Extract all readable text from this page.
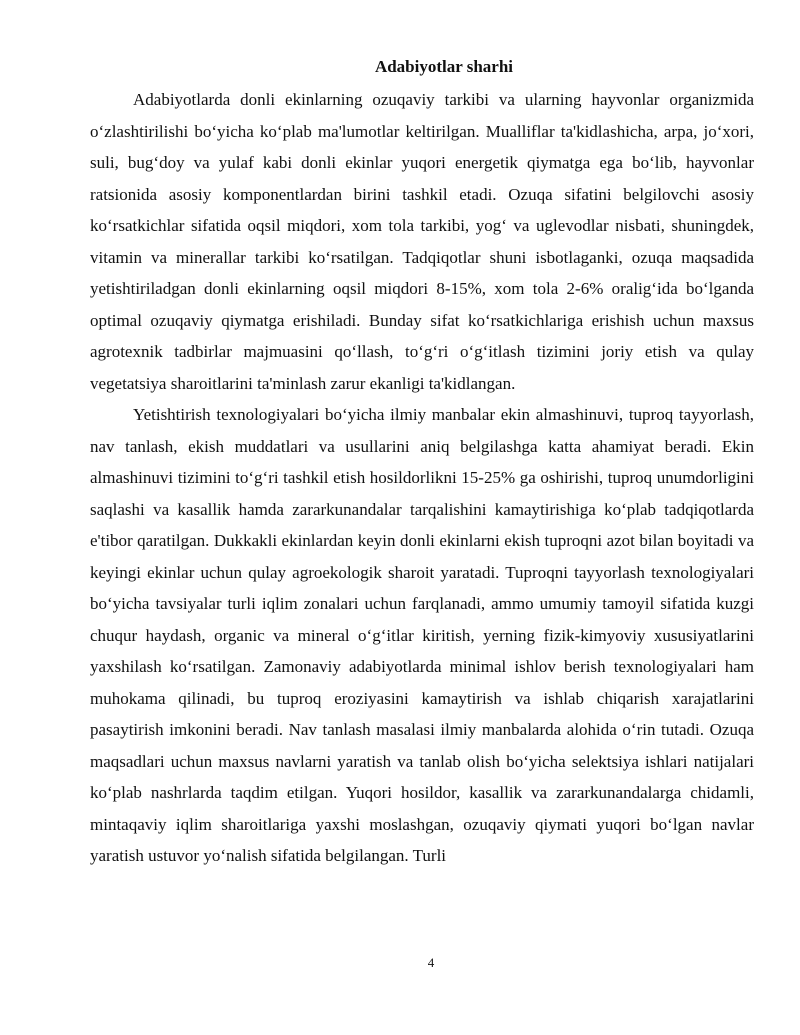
Adabiyotlar sharhi

Adabiyotlarda donli ekinlarning ozuqaviy tarkibi va ularning hayvonlar organizmida oʻzlashtirilishi boʻyicha koʻplab ma'lumotlar keltirilgan. Mualliflar ta'kidlashicha, arpa, joʻxori, suli, bugʻdoy va yulaf kabi donli ekinlar yuqori energetik qiymatga ega boʻlib, hayvonlar ratsionida asosiy komponentlardan birini tashkil etadi. Ozuqa sifatini belgilovchi asosiy koʻrsatkichlar sifatida oqsil miqdori, xom tola tarkibi, yogʻ va uglevodlar nisbati, shuningdek, vitamin va minerallar tarkibi koʻrsatilgan. Tadqiqotlar shuni isbotlaganki, ozuqa maqsadida yetishtiriladgan donli ekinlarning oqsil miqdori 8-15%, xom tola 2-6% oraligʻida boʻlganda optimal ozuqaviy qiymatga erishiladi. Bunday sifat koʻrsatkichlariga erishish uchun maxsus agrotexnik tadbirlar majmuasini qoʻllash, toʻgʻri oʻgʻitlash tizimini joriy etish va qulay vegetatsiya sharoitlarini ta'minlash zarur ekanligi ta'kidlangan.

Yetishtirish texnologiyalari boʻyicha ilmiy manbalar ekin almashinuvi, tuproq tayyorlash, nav tanlash, ekish muddatlari va usullarini aniq belgilashga katta ahamiyat beradi. Ekin almashinuvi tizimini toʻgʻri tashkil etish hosildorlikni 15-25% ga oshirishi, tuproq unumdorligini saqlashi va kasallik hamda zararkunandalar tarqalishini kamaytirishiga koʻplab tadqiqotlarda e'tibor qaratilgan. Dukkakli ekinlardan keyin donli ekinlarni ekish tuproqni azot bilan boyitadi va keyingi ekinlar uchun qulay agroekologik sharoit yaratadi. Tuproqni tayyorlash texnologiyalari boʻyicha tavsiyalar turli iqlim zonalari uchun farqlanadi, ammo umumiy tamoyil sifatida kuzgi chuqur haydash, organic va mineral oʻgʻitlar kiritish, yerning fizik-kimyoviy xususiyatlarini yaxshilash koʻrsatilgan. Zamonaviy adabiyotlarda minimal ishlov berish texnologiyalari ham muhokama qilinadi, bu tuproq eroziyasini kamaytirish va ishlab chiqarish xarajatlarini pasaytirish imkonini beradi. Nav tanlash masalasi ilmiy manbalarda alohida oʻrin tutadi. Ozuqa maqsadlari uchun maxsus navlarni yaratish va tanlab olish boʻyicha selektsiya ishlari natijalari koʻplab nashrlarda taqdim etilgan. Yuqori hosildor, kasallik va zararkunandalarga chidamli, mintaqaviy iqlim sharoitlariga yaxshi moslashgan, ozuqaviy qiymati yuqori boʻlgan navlar yaratish ustuvor yoʻnalish sifatida belgilangan. Turli

4
